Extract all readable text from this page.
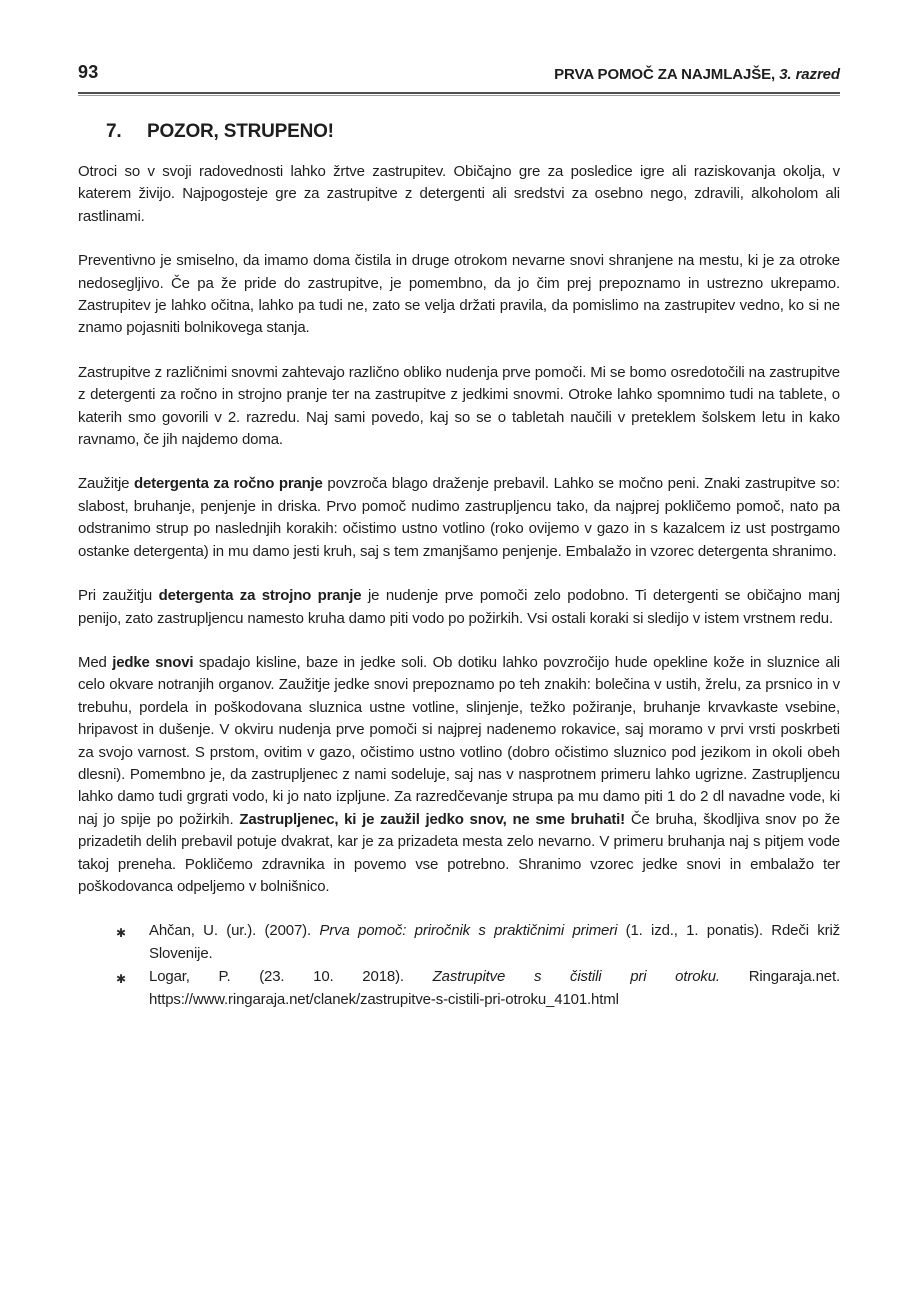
93	PRVA POMOČ ZA NAJMLAJŠE, 3. razred
7.	POZOR, STRUPENO!

Otroci so v svoji radovednosti lahko žrtve zastrupitev. Običajno gre za posledice igre ali raziskovanja okolja, v katerem živijo. Najpogosteje gre za zastrupitve z detergenti ali sredstvi za osebno nego, zdravili, alkoholom ali rastlinami.

Preventivno je smiselno, da imamo doma čistila in druge otrokom nevarne snovi shranjene na mestu, ki je za otroke nedosegljivo. Če pa že pride do zastrupitve, je pomembno, da jo čim prej prepoznamo in ustrezno ukrepamo. Zastrupitev je lahko očitna, lahko pa tudi ne, zato se velja držati pravila, da pomislimo na zastrupitev vedno, ko si ne znamo pojasniti bolnikovega stanja.

Zastrupitve z različnimi snovmi zahtevajo različno obliko nudenja prve pomoči. Mi se bomo osredotočili na zastrupitve z detergenti za ročno in strojno pranje ter na zastrupitve z jedkimi snovmi. Otroke lahko spomnimo tudi na tablete, o katerih smo govorili v 2. razredu. Naj sami povedo, kaj so se o tabletah naučili v preteklem šolskem letu in kako ravnamo, če jih najdemo doma.

Zaužitje detergenta za ročno pranje povzroča blago draženje prebavil. Lahko se močno peni. Znaki zastrupitve so: slabost, bruhanje, penjenje in driska. Prvo pomoč nudimo zastrupljencu tako, da najprej pokličemo pomoč, nato pa odstranimo strup po naslednjih korakih: očistimo ustno votlino (roko ovijemo v gazo in s kazalcem iz ust postrgamo ostanke detergenta) in mu damo jesti kruh, saj s tem zmanjšamo penjenje. Embalažo in vzorec detergenta shranimo.

Pri zaužitju detergenta za strojno pranje je nudenje prve pomoči zelo podobno. Ti detergenti se običajno manj penijo, zato zastrupljencu namesto kruha damo piti vodo po požirkih. Vsi ostali koraki si sledijo v istem vrstnem redu.

Med jedke snovi spadajo kisline, baze in jedke soli. Ob dotiku lahko povzročijo hude opekline kože in sluznice ali celo okvare notranjih organov. Zaužitje jedke snovi prepoznamo po teh znakih: bolečina v ustih, žrelu, za prsnico in v trebuhu, pordela in poškodovana sluznica ustne votline, slinjenje, težko požiranje, bruhanje krvavkaste vsebine, hripavost in dušenje. V okviru nudenja prve pomoči si najprej nadenemo rokavice, saj moramo v prvi vrsti poskrbeti za svojo varnost. S prstom, ovitim v gazo, očistimo ustno votlino (dobro očistimo sluznico pod jezikom in okoli obeh dlesni). Pomembno je, da zastrupljenec z nami sodeluje, saj nas v nasprotnem primeru lahko ugrizne. Zastrupljencu lahko damo tudi grgrati vodo, ki jo nato izpljune. Za razredčevanje strupa pa mu damo piti 1 do 2 dl navadne vode, ki naj jo spije po požirkih. Zastrupljenec, ki je zaužil jedko snov, ne sme bruhati! Če bruha, škodljiva snov po že prizadetih delih prebavil potuje dvakrat, kar je za prizadeta mesta zelo nevarno. V primeru bruhanja naj s pitjem vode takoj preneha. Pokličemo zdravnika in povemo vse potrebno. Shranimo vzorec jedke snovi in embalažo ter poškodovanca odpeljemo v bolnišnico.

✱ Ahčan, U. (ur.). (2007). Prva pomoč: priročnik s praktičnimi primeri (1. izd., 1. ponatis). Rdeči križ Slovenije.
✱ Logar, P. (23. 10. 2018). Zastrupitve s čistili pri otroku. Ringaraja.net. https://www.ringaraja.net/clanek/zastrupitve-s-cistili-pri-otroku_4101.html
